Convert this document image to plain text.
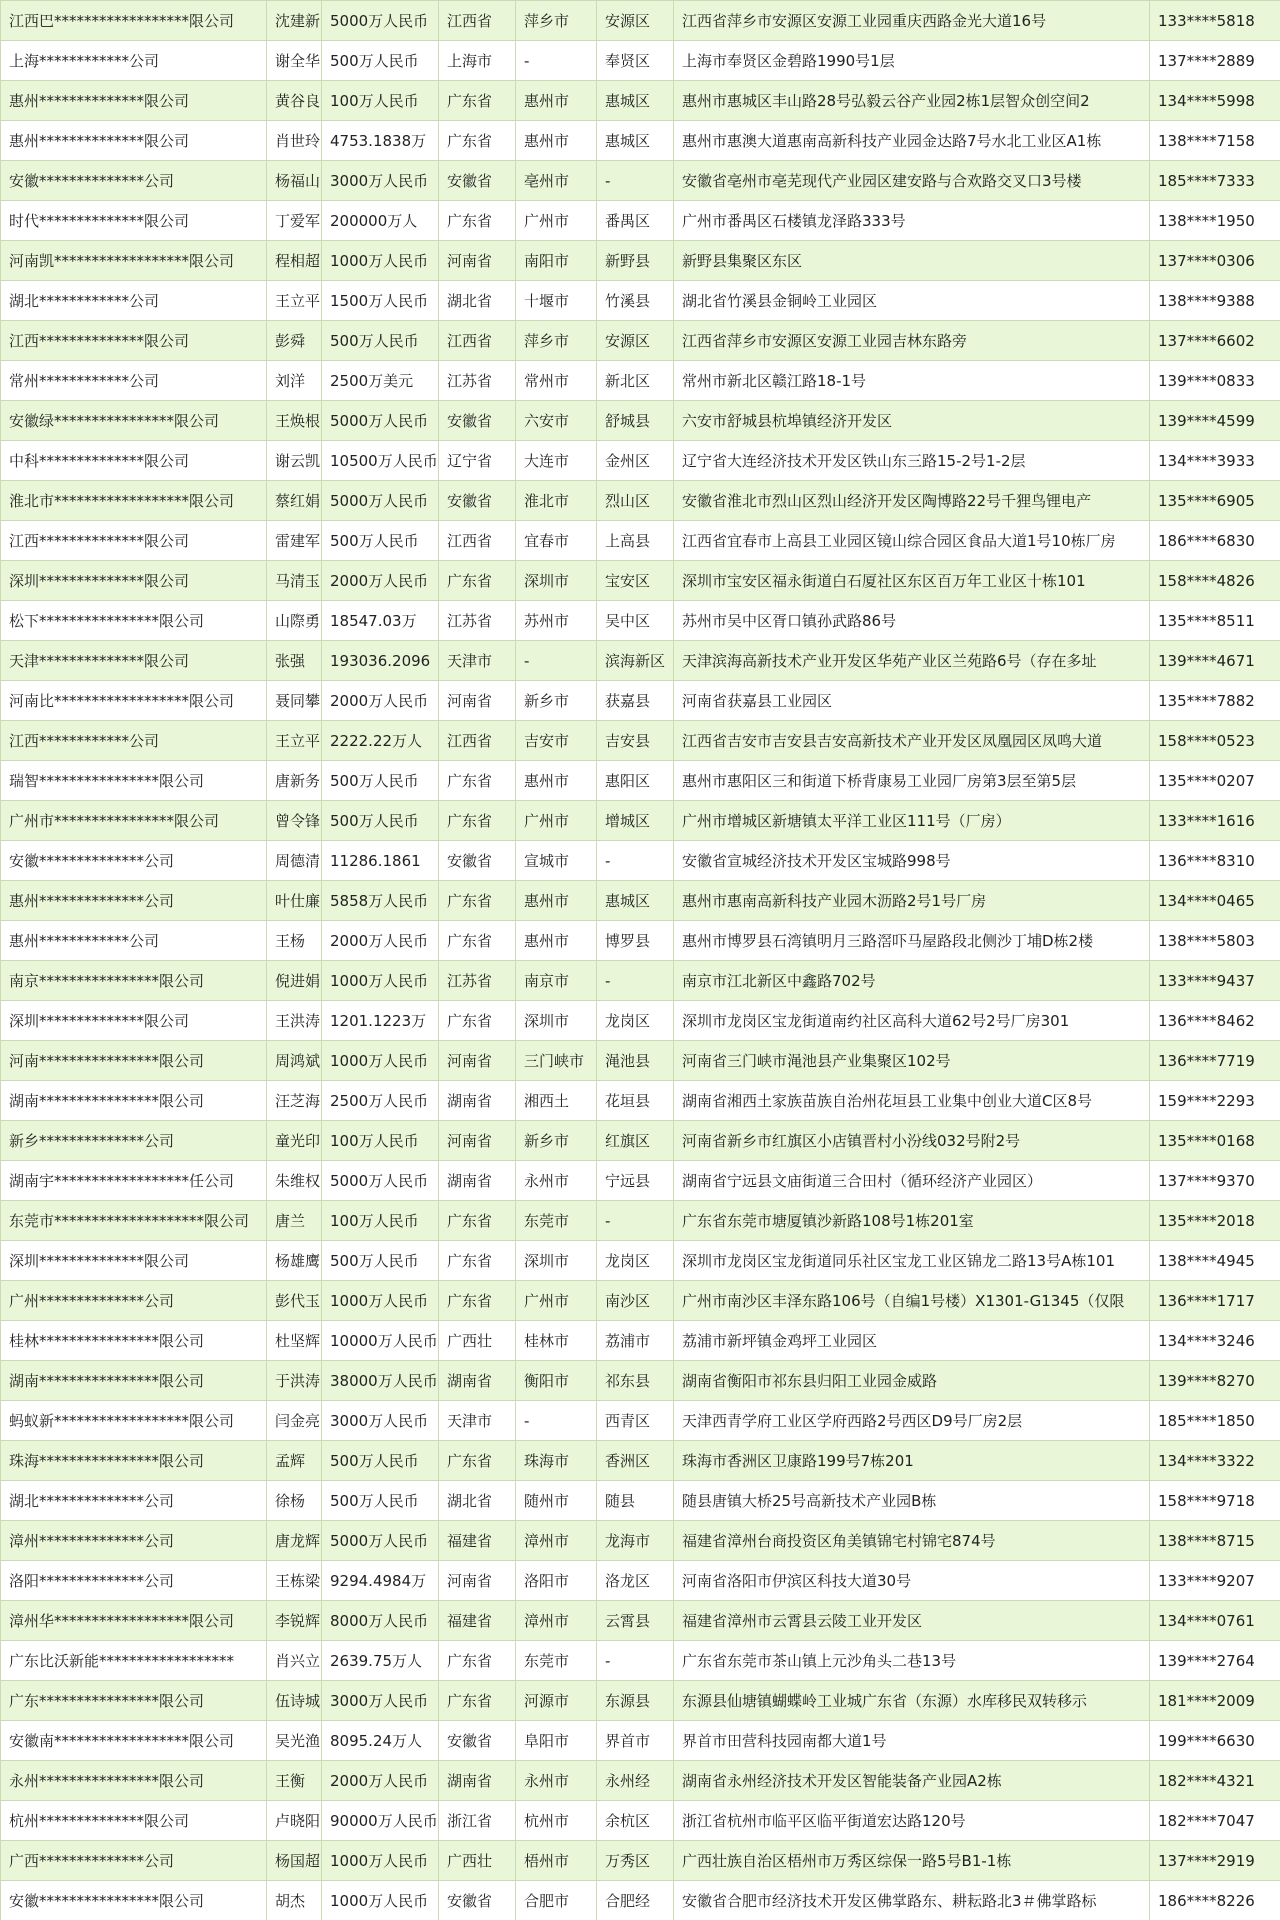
江西巴******************限公司	沈建新	5000万人民币	江西省	萍乡市	安源区	江西省萍乡市安源区安源工业园重庆西路金光大道16号	133****5818
上海************公司	谢全华	500万人民币	上海市	-	奉贤区	上海市奉贤区金碧路1990号1层	137****2889
惠州**************限公司	黄谷良	100万人民币	广东省	惠州市	惠城区	惠州市惠城区丰山路28号弘毅云谷产业园2栋1层智众创空间2	134****5998
惠州**************限公司	肖世玲	4753.1838万	广东省	惠州市	惠城区	惠州市惠澳大道惠南高新科技产业园金达路7号水北工业区A1栋	138****7158
安徽**************公司	杨福山	3000万人民币	安徽省	亳州市	-	安徽省亳州市亳芜现代产业园区建安路与合欢路交叉口3号楼	185****7333
时代**************限公司	丁爱军	200000万人	广东省	广州市	番禺区	广州市番禺区石楼镇龙泽路333号	138****1950
河南凯******************限公司	程相超	1000万人民币	河南省	南阳市	新野县	新野县集聚区东区	137****0306
湖北************公司	王立平	1500万人民币	湖北省	十堰市	竹溪县	湖北省竹溪县金铜岭工业园区	138****9388
江西**************限公司	彭舜	500万人民币	江西省	萍乡市	安源区	江西省萍乡市安源区安源工业园吉林东路旁	137****6602
常州************公司	刘洋	2500万美元	江苏省	常州市	新北区	常州市新北区赣江路18-1号	139****0833
安徽绿****************限公司	王焕根	5000万人民币	安徽省	六安市	舒城县	六安市舒城县杭埠镇经济开发区	139****4599
中科**************限公司	谢云凯	10500万人民币	辽宁省	大连市	金州区	辽宁省大连经济技术开发区铁山东三路15-2号1-2层	134****3933
淮北市******************限公司	蔡红娟	5000万人民币	安徽省	淮北市	烈山区	安徽省淮北市烈山区烈山经济开发区陶博路22号千狸鸟锂电产	135****6905
江西**************限公司	雷建军	500万人民币	江西省	宜春市	上高县	江西省宜春市上高县工业园区镜山综合园区食品大道1号10栋厂房	186****6830
深圳**************限公司	马清玉	2000万人民币	广东省	深圳市	宝安区	深圳市宝安区福永街道白石厦社区东区百万年工业区十栋101	158****4826
松下****************限公司	山際勇	18547.03万	江苏省	苏州市	吴中区	苏州市吴中区胥口镇孙武路86号	135****8511
天津**************限公司	张强	193036.2096	天津市	-	滨海新区	天津滨海高新技术产业开发区华苑产业区兰苑路6号（存在多址	139****4671
河南比******************限公司	聂同攀	2000万人民币	河南省	新乡市	获嘉县	河南省获嘉县工业园区	135****7882
江西************公司	王立平	2222.22万人	江西省	吉安市	吉安县	江西省吉安市吉安县吉安高新技术产业开发区凤凰园区凤鸣大道	158****0523
瑞智****************限公司	唐新务	500万人民币	广东省	惠州市	惠阳区	惠州市惠阳区三和街道下桥背康易工业园厂房第3层至第5层	135****0207
广州市****************限公司	曾令锋	500万人民币	广东省	广州市	增城区	广州市增城区新塘镇太平洋工业区111号（厂房）	133****1616
安徽**************公司	周德清	11286.1861	安徽省	宣城市	-	安徽省宣城经济技术开发区宝城路998号	136****8310
惠州**************公司	叶仕廉	5858万人民币	广东省	惠州市	惠城区	惠州市惠南高新科技产业园木沥路2号1号厂房	134****0465
惠州************公司	王杨	2000万人民币	广东省	惠州市	博罗县	惠州市博罗县石湾镇明月三路滘吓马屋路段北侧沙丁埔D栋2楼	138****5803
南京****************限公司	倪进娟	1000万人民币	江苏省	南京市	-	南京市江北新区中鑫路702号	133****9437
深圳**************限公司	王洪涛	1201.1223万	广东省	深圳市	龙岗区	深圳市龙岗区宝龙街道南约社区高科大道62号2号厂房301	136****8462
河南****************限公司	周鸿斌	1000万人民币	河南省	三门峡市	渑池县	河南省三门峡市渑池县产业集聚区102号	136****7719
湖南****************限公司	汪芝海	2500万人民币	湖南省	湘西土	花垣县	湖南省湘西土家族苗族自治州花垣县工业集中创业大道C区8号	159****2293
新乡**************公司	童光印	100万人民币	河南省	新乡市	红旗区	河南省新乡市红旗区小店镇晋村小汾线032号附2号	135****0168
湖南宇******************任公司	朱维权	5000万人民币	湖南省	永州市	宁远县	湖南省宁远县文庙街道三合田村（循环经济产业园区）	137****9370
东莞市********************限公司	唐兰	100万人民币	广东省	东莞市	-	广东省东莞市塘厦镇沙新路108号1栋201室	135****2018
深圳**************限公司	杨雄鹰	500万人民币	广东省	深圳市	龙岗区	深圳市龙岗区宝龙街道同乐社区宝龙工业区锦龙二路13号A栋101	138****4945
广州**************公司	彭代玉	1000万人民币	广东省	广州市	南沙区	广州市南沙区丰泽东路106号（自编1号楼）X1301-G1345（仅限	136****1717
桂林****************限公司	杜坚辉	10000万人民币	广西壮	桂林市	荔浦市	荔浦市新坪镇金鸡坪工业园区	134****3246
湖南****************限公司	于洪涛	38000万人民币	湖南省	衡阳市	祁东县	湖南省衡阳市祁东县归阳工业园金威路	139****8270
蚂蚁新******************限公司	闫金亮	3000万人民币	天津市	-	西青区	天津西青学府工业区学府西路2号西区D9号厂房2层	185****1850
珠海****************限公司	孟辉	500万人民币	广东省	珠海市	香洲区	珠海市香洲区卫康路199号7栋201	134****3322
湖北**************公司	徐杨	500万人民币	湖北省	随州市	随县	随县唐镇大桥25号高新技术产业园B栋	158****9718
漳州**************公司	唐龙辉	5000万人民币	福建省	漳州市	龙海市	福建省漳州台商投资区角美镇锦宅村锦宅874号	138****8715
洛阳**************公司	王栋梁	9294.4984万	河南省	洛阳市	洛龙区	河南省洛阳市伊滨区科技大道30号	133****9207
漳州华******************限公司	李锐辉	8000万人民币	福建省	漳州市	云霄县	福建省漳州市云霄县云陵工业开发区	134****0761
广东比沃新能******************	肖兴立	2639.75万人	广东省	东莞市	-	广东省东莞市茶山镇上元沙角头二巷13号	139****2764
广东****************限公司	伍诗城	3000万人民币	广东省	河源市	东源县	东源县仙塘镇蝴蝶岭工业城广东省（东源）水库移民双转移示	181****2009
安徽南******************限公司	吴光渔	8095.24万人	安徽省	阜阳市	界首市	界首市田营科技园南都大道1号	199****6630
永州****************限公司	王衡	2000万人民币	湖南省	永州市	永州经	湖南省永州经济技术开发区智能装备产业园A2栋	182****4321
杭州**************限公司	卢晓阳	90000万人民币	浙江省	杭州市	余杭区	浙江省杭州市临平区临平街道宏达路120号	182****7047
广西**************公司	杨国超	1000万人民币	广西壮	梧州市	万秀区	广西壮族自治区梧州市万秀区综保一路5号B1-1栋	137****2919
安徽****************限公司	胡杰	1000万人民币	安徽省	合肥市	合肥经	安徽省合肥市经济技术开发区佛掌路东、耕耘路北3＃佛掌路标	186****8226
